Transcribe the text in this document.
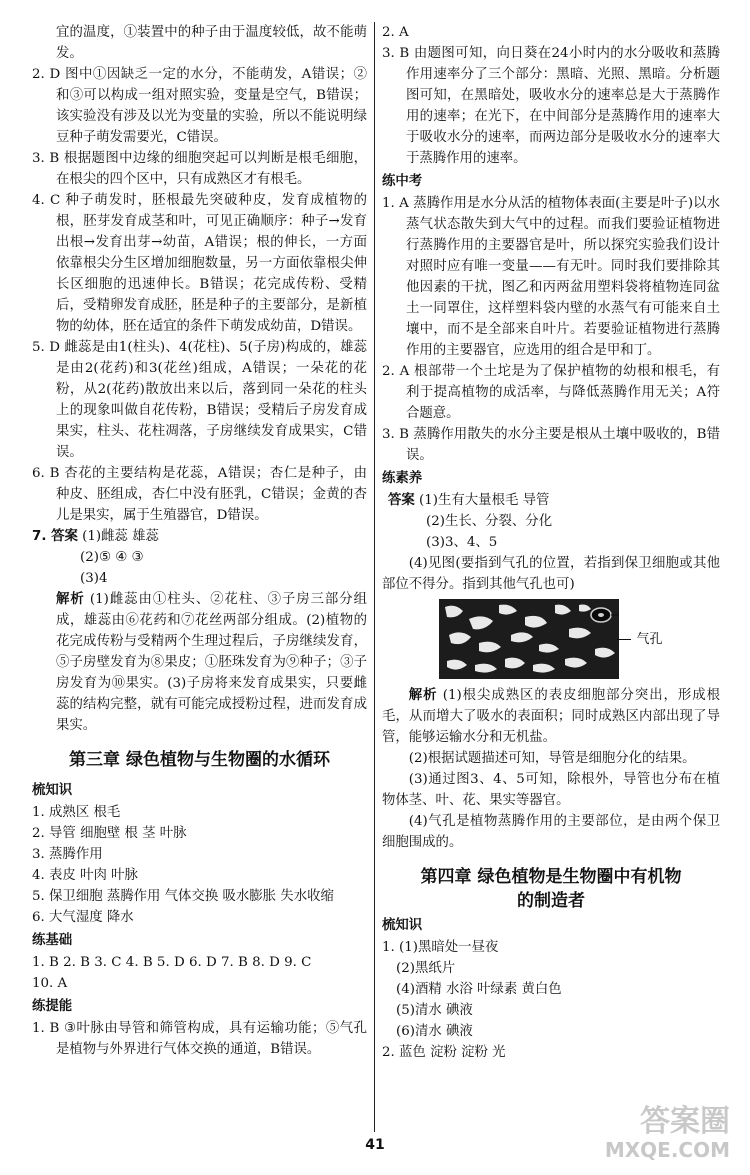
宜的温度，①装置中的种子由于温度较低，故不能萌发。

2. D 图中①因缺乏一定的水分，不能萌发，A错误；②和③可以构成一组对照实验，变量是空气，B错误；该实验没有涉及以光为变量的实验，所以不能说明绿豆种子萌发需要光，C错误。

3. B 根据题图中边缘的细胞突起可以判断是根毛细胞，在根尖的四个区中，只有成熟区才有根毛。

4. C 种子萌发时，胚根最先突破种皮，发育成植物的根，胚芽发育成茎和叶，可见正确顺序：种子→发育出根→发育出芽→幼苗，A错误；根的伸长，一方面依靠根尖分生区增加细胞数量，另一方面依靠根尖伸长区细胞的迅速伸长。B错误；花完成传粉、受精后，受精卵发育成胚，胚是种子的主要部分，是新植物的幼体，胚在适宜的条件下萌发成幼苗，D错误。

5. D 雌蕊是由1(柱头)、4(花柱)、5(子房)构成的，雄蕊是由2(花药)和3(花丝)组成，A错误；一朵花的花粉，从2(花药)散放出来以后，落到同一朵花的柱头上的现象叫做自花传粉，B错误；受精后子房发育成果实，柱头、花柱凋落，子房继续发育成果实，C错误。

6. B 杏花的主要结构是花蕊，A错误；杏仁是种子，由种皮、胚组成，杏仁中没有胚乳，C错误；金黄的杏儿是果实，属于生殖器官，D错误。

7. 答案 (1)雌蕊 雄蕊

(2)⑤ ④ ③

(3)4

解析 (1)雌蕊由①柱头、②花柱、③子房三部分组成，雄蕊由⑥花药和⑦花丝两部分组成。(2)植物的花完成传粉与受精两个生理过程后，子房继续发育，⑤子房壁发育为⑧果皮；①胚珠发育为⑨种子；③子房发育为⑩果实。(3)子房将来发育成果实，只要雌蕊的结构完整，就有可能完成授粉过程，进而发育成果实。

第三章 绿色植物与生物圈的水循环
梳知识

1. 成熟区 根毛

2. 导管 细胞壁 根 茎 叶脉

3. 蒸腾作用

4. 表皮 叶肉 叶脉

5. 保卫细胞 蒸腾作用 气体交换 吸水膨胀 失水收缩

6. 大气湿度 降水

练基础

1. B 2. B 3. C 4. B 5. D 6. D 7. B 8. D 9. C

10. A

练提能

1. B ③叶脉由导管和筛管构成，具有运输功能；⑤气孔是植物与外界进行气体交换的通道，B错误。

2. A

3. B 由题图可知，向日葵在24小时内的水分吸收和蒸腾作用速率分了三个部分：黑暗、光照、黑暗。分析题图可知，在黑暗处，吸收水分的速率总是大于蒸腾作用的速率；在光下，在中间部分是蒸腾作用的速率大于吸收水分的速率，而两边部分是吸收水分的速率大于蒸腾作用的速率。

练中考

1. A 蒸腾作用是水分从活的植物体表面(主要是叶子)以水蒸气状态散失到大气中的过程。而我们要验证植物进行蒸腾作用的主要器官是叶，所以探究实验我们设计对照时应有唯一变量——有无叶。同时我们要排除其他因素的干扰，图乙和丙两盆用塑料袋将植物连同盆土一同罩住，这样塑料袋内壁的水蒸气有可能来自土壤中，而不是全部来自叶片。若要验证植物进行蒸腾作用的主要器官，应选用的组合是甲和丁。

2. A 根部带一个土坨是为了保护植物的幼根和根毛，有利于提高植物的成活率，与降低蒸腾作用无关；A符合题意。

3. B 蒸腾作用散失的水分主要是根从土壤中吸收的，B错误。

练素养

答案 (1)生有大量根毛 导管

(2)生长、分裂、分化

(3)3、4、5

(4)见图(要指到气孔的位置，若指到保卫细胞或其他部位不得分。指到其他气孔也可)

气孔

解析 (1)根尖成熟区的表皮细胞部分突出，形成根毛，从而增大了吸水的表面积；同时成熟区内部出现了导管，能够运输水分和无机盐。

(2)根据试题描述可知，导管是细胞分化的结果。

(3)通过图3、4、5可知，除根外，导管也分布在植物体茎、叶、花、果实等器官。

(4)气孔是植物蒸腾作用的主要部位，是由两个保卫细胞围成的。

第四章 绿色植物是生物圈中有机物
的制造者
梳知识

1. (1)黑暗处一昼夜

(2)黑纸片

(4)酒精 水浴 叶绿素 黄白色

(5)清水 碘液

(6)清水 碘液

2. 蓝色 淀粉 淀粉 光

41
答案圈
MXQE.COM
